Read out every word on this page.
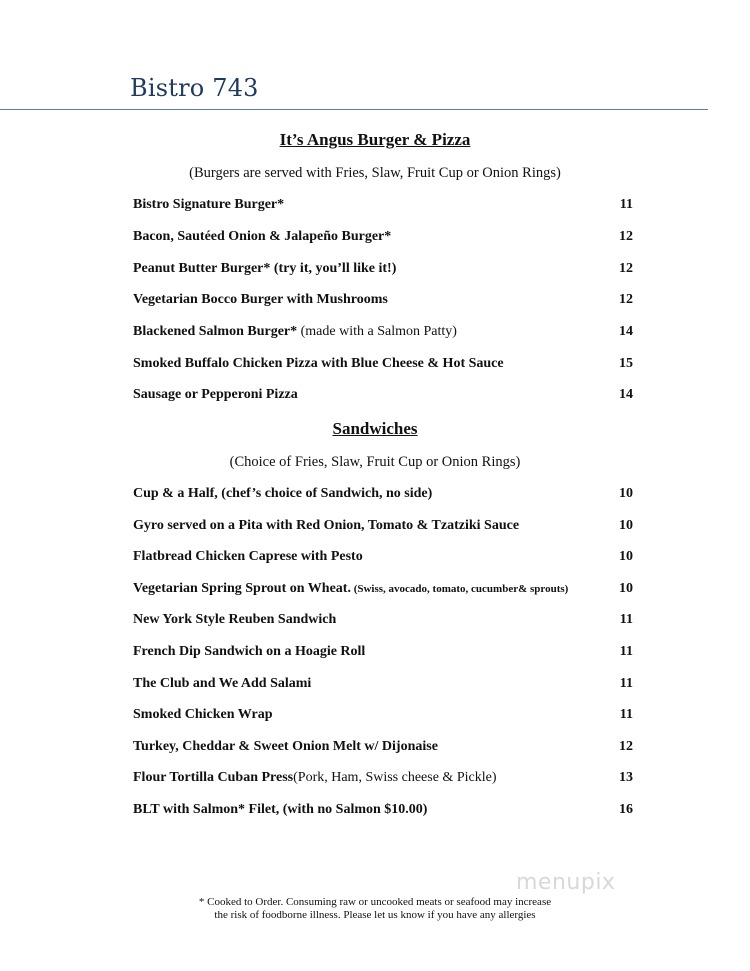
Bistro 743
It’s Angus Burger & Pizza
(Burgers are served with Fries, Slaw, Fruit Cup or Onion Rings)
Bistro Signature Burger*	11
Bacon, Sautéed Onion & Jalapeño Burger*	12
Peanut Butter Burger* (try it, you’ll like it!)	12
Vegetarian Bocco Burger with Mushrooms	12
Blackened Salmon Burger* (made with a Salmon Patty)	14
Smoked Buffalo Chicken Pizza with Blue Cheese & Hot Sauce	15
Sausage or Pepperoni Pizza	14
Sandwiches
(Choice of Fries, Slaw, Fruit Cup or Onion Rings)
Cup & a Half, (chef’s choice of Sandwich, no side)	10
Gyro served on a Pita with Red Onion, Tomato & Tzatziki Sauce	10
Flatbread Chicken Caprese with Pesto	10
Vegetarian Spring Sprout on Wheat. (Swiss, avocado, tomato, cucumber& sprouts)	10
New York Style Reuben Sandwich	11
French Dip Sandwich on a Hoagie Roll	11
The Club and We Add Salami	11
Smoked Chicken Wrap	11
Turkey, Cheddar & Sweet Onion Melt w/ Dijonaise	12
Flour Tortilla Cuban Press(Pork, Ham, Swiss cheese & Pickle)	13
BLT with Salmon* Filet, (with no Salmon $10.00)	16
menupix
* Cooked to Order. Consuming raw or uncooked meats or seafood may increase
the risk of foodborne illness. Please let us know if you have any allergies
